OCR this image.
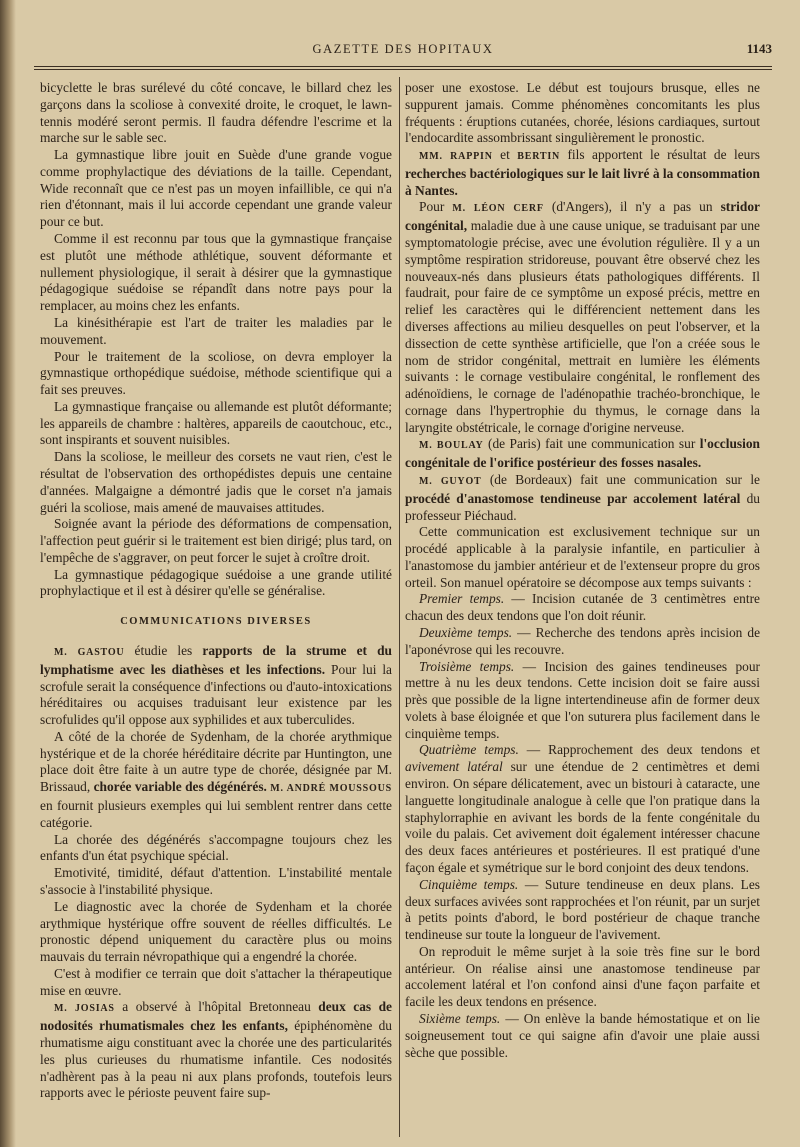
GAZETTE DES HOPITAUX	1143

bicyclette le bras surélevé du côté concave, le billard chez les garçons dans la scoliose à convexité droite, le croquet, le lawn-tennis modéré seront permis. Il faudra défendre l'escrime et la marche sur le sable sec.

La gymnastique libre jouit en Suède d'une grande vogue comme prophylactique des déviations de la taille. Cependant, Wide reconnaît que ce n'est pas un moyen infaillible, ce qui n'a rien d'étonnant, mais il lui accorde cependant une grande valeur pour ce but.

Comme il est reconnu par tous que la gymnastique française est plutôt une méthode athlétique, souvent déformante et nullement physiologique, il serait à désirer que la gymnastique pédagogique suédoise se répandît dans notre pays pour la remplacer, au moins chez les enfants.

La kinésithérapie est l'art de traiter les maladies par le mouvement.

Pour le traitement de la scoliose, on devra employer la gymnastique orthopédique suédoise, méthode scientifique qui a fait ses preuves.

La gymnastique française ou allemande est plutôt déformante; les appareils de chambre : haltères, appareils de caoutchouc, etc., sont inspirants et souvent nuisibles.

Dans la scoliose, le meilleur des corsets ne vaut rien, c'est le résultat de l'observation des orthopédistes depuis une centaine d'années. Malgaigne a démontré jadis que le corset n'a jamais guéri la scoliose, mais amené de mauvaises attitudes.

Soignée avant la période des déformations de compensation, l'affection peut guérir si le traitement est bien dirigé; plus tard, on l'empêche de s'aggraver, on peut forcer le sujet à croître droit.

La gymnastique pédagogique suédoise a une grande utilité prophylactique et il est à désirer qu'elle se généralise.

COMMUNICATIONS DIVERSES

M. GASTOU étudie les rapports de la strume et du lymphatisme avec les diathèses et les infections. Pour lui la scrofule serait la conséquence d'infections ou d'auto-intoxications héréditaires ou acquises traduisant leur existence par les scrofulides qu'il oppose aux syphilides et aux tuberculides.

A côté de la chorée de Sydenham, de la chorée arythmique hystérique et de la chorée héréditaire décrite par Huntington, une place doit être faite à un autre type de chorée, désignée par M. Brissaud, chorée variable des dégénérés. M. ANDRÉ MOUSSOUS en fournit plusieurs exemples qui lui semblent rentrer dans cette catégorie.

La chorée des dégénérés s'accompagne toujours chez les enfants d'un état psychique spécial.

Emotivité, timidité, défaut d'attention. L'instabilité mentale s'associe à l'instabilité physique.

Le diagnostic avec la chorée de Sydenham et la chorée arythmique hystérique offre souvent de réelles difficultés. Le pronostic dépend uniquement du caractère plus ou moins mauvais du terrain névropathique qui a engendré la chorée.

C'est à modifier ce terrain que doit s'attacher la thérapeutique mise en œuvre.

M. JOSIAS a observé à l'hôpital Bretonneau deux cas de nodosités rhumatismales chez les enfants, épiphénomène du rhumatisme aigu constituant avec la chorée une des particularités les plus curieuses du rhumatisme infantile. Ces nodosités n'adhèrent pas à la peau ni aux plans profonds, toutefois leurs rapports avec le périoste peuvent faire sup-

poser une exostose. Le début est toujours brusque, elles ne suppurent jamais. Comme phénomènes concomitants les plus fréquents : éruptions cutanées, chorée, lésions cardiaques, surtout l'endocardite assombrissant singulièrement le pronostic.

MM. RAPPIN et BERTIN fils apportent le résultat de leurs recherches bactériologiques sur le lait livré à la consommation à Nantes.

Pour M. LÉON CERF (d'Angers), il n'y a pas un stridor congénital, maladie due à une cause unique, se traduisant par une symptomatologie précise, avec une évolution régulière. Il y a un symptôme respiration stridoreuse, pouvant être observé chez les nouveaux-nés dans plusieurs états pathologiques différents. Il faudrait, pour faire de ce symptôme un exposé précis, mettre en relief les caractères qui le différencient nettement dans les diverses affections au milieu desquelles on peut l'observer, et la dissection de cette synthèse artificielle, que l'on a créée sous le nom de stridor congénital, mettrait en lumière les éléments suivants : le cornage vestibulaire congénital, le ronflement des adénoïdiens, le cornage de l'adénopathie trachéo-bronchique, le cornage dans l'hypertrophie du thymus, le cornage dans la laryngite obstétricale, le cornage d'origine nerveuse.

M. BOULAY (de Paris) fait une communication sur l'occlusion congénitale de l'orifice postérieur des fosses nasales.

M. GUYOT (de Bordeaux) fait une communication sur le procédé d'anastomose tendineuse par accolement latéral du professeur Piéchaud.

Cette communication est exclusivement technique sur un procédé applicable à la paralysie infantile, en particulier à l'anastomose du jambier antérieur et de l'extenseur propre du gros orteil. Son manuel opératoire se décompose aux temps suivants :

Premier temps. — Incision cutanée de 3 centimètres entre chacun des deux tendons que l'on doit réunir.

Deuxième temps. — Recherche des tendons après incision de l'aponévrose qui les recouvre.

Troisième temps. — Incision des gaines tendineuses pour mettre à nu les deux tendons. Cette incision doit se faire aussi près que possible de la ligne intertendineuse afin de former deux volets à base éloignée et que l'on suturera plus facilement dans le cinquième temps.

Quatrième temps. — Rapprochement des deux tendons et avivement latéral sur une étendue de 2 centimètres et demi environ. On sépare délicatement, avec un bistouri à cataracte, une languette longitudinale analogue à celle que l'on pratique dans la staphylorraphie en avivant les bords de la fente congénitale du voile du palais. Cet avivement doit également intéresser chacune des deux faces antérieures et postérieures. Il est pratiqué d'une façon égale et symétrique sur le bord conjoint des deux tendons.

Cinquième temps. — Suture tendineuse en deux plans. Les deux surfaces avivées sont rapprochées et l'on réunit, par un surjet à petits points d'abord, le bord postérieur de chaque tranche tendineuse sur toute la longueur de l'avivement.

On reproduit le même surjet à la soie très fine sur le bord antérieur. On réalise ainsi une anastomose tendineuse par accolement latéral et l'on confond ainsi d'une façon parfaite et facile les deux tendons en présence.

Sixième temps. — On enlève la bande hémostatique et on lie soigneusement tout ce qui saigne afin d'avoir une plaie aussi sèche que possible.
